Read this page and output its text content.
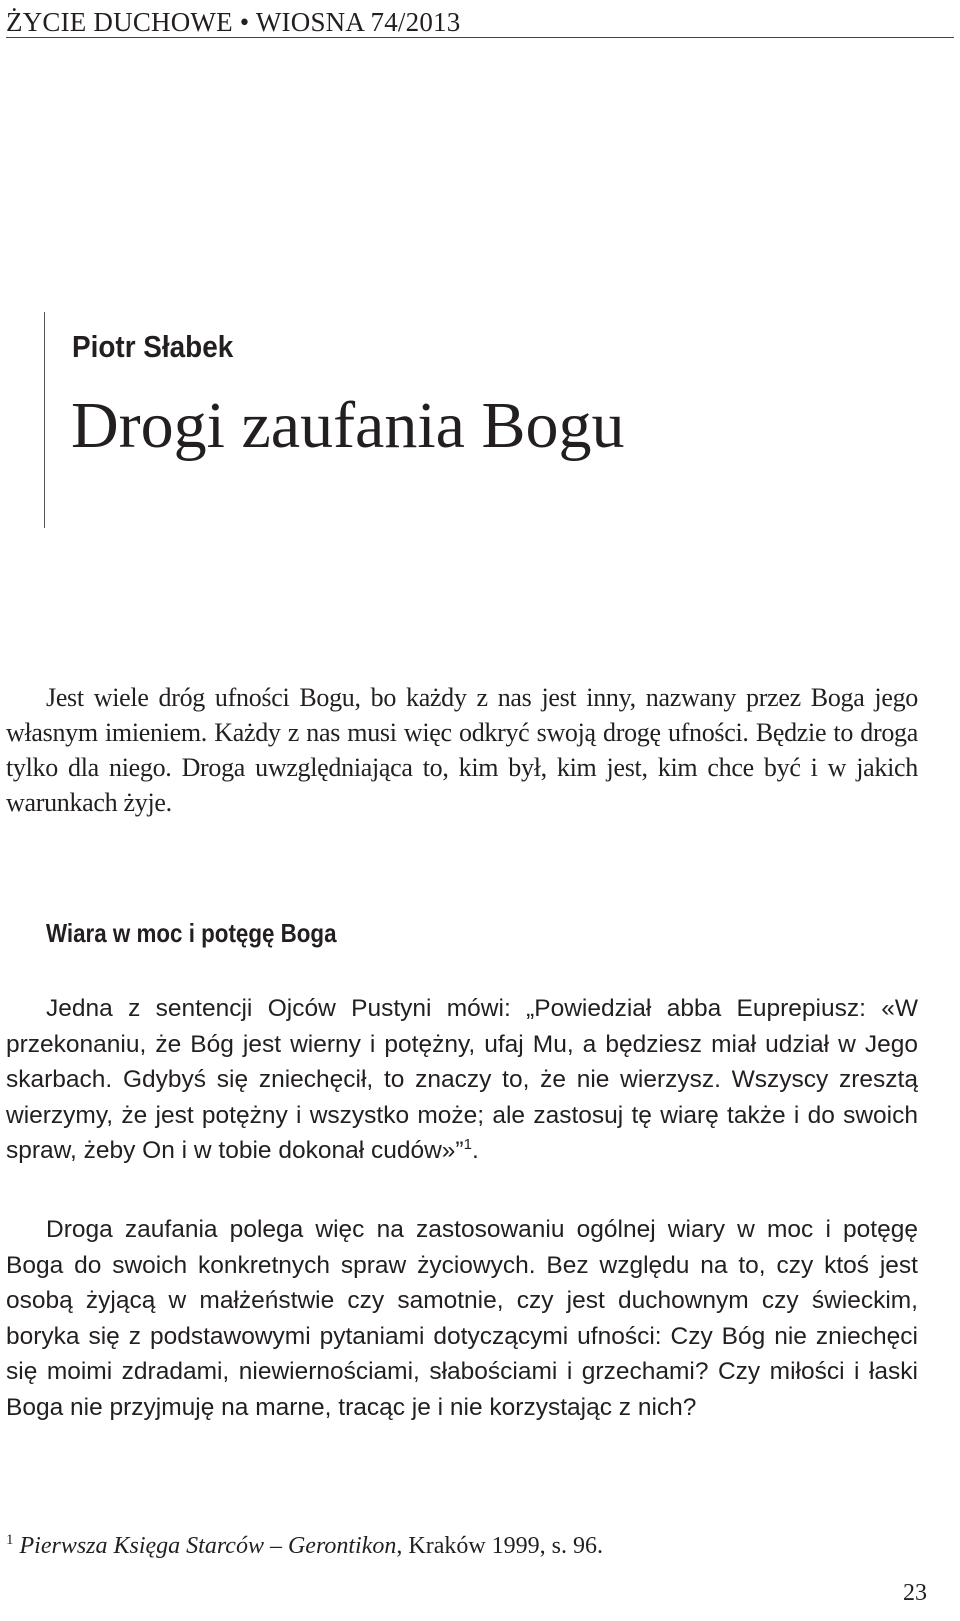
ŻYCIE DUCHOWE • WIOSNA 74/2013
Piotr Słabek
Drogi zaufania Bogu

Jest wiele dróg ufności Bogu, bo każdy z nas jest inny, nazwany przez Boga jego własnym imieniem. Każdy z nas musi więc odkryć swoją drogę ufności. Będzie to droga tylko dla niego. Droga uwzględniająca to, kim był, kim jest, kim chce być i w jakich warunkach żyje.

Wiara w moc i potęgę Boga

Jedna z sentencji Ojców Pustyni mówi: „Powiedział abba Euprepiusz: «W przekonaniu, że Bóg jest wierny i potężny, ufaj Mu, a będziesz miał udział w Jego skarbach. Gdybyś się zniechęcił, to znaczy to, że nie wierzysz. Wszyscy zresztą wierzymy, że jest potężny i wszystko może; ale zastosuj tę wiarę także i do swoich spraw, żeby On i w tobie dokonał cudów»”$^1$.

Droga zaufania polega więc na zastosowaniu ogólnej wiary w moc i potęgę Boga do swoich konkretnych spraw życiowych. Bez względu na to, czy ktoś jest osobą żyjącą w małżeństwie czy samotnie, czy jest duchownym czy świeckim, boryka się z podstawowymi pytaniami dotyczącymi ufności: Czy Bóg nie zniechęci się moimi zdradami, niewiernościami, słabościami i grzechami? Czy miłości i łaski Boga nie przyjmuję na marne, tracąc je i nie korzystając z nich?

$^1$ Pierwsza Księga Starców – Gerontikon, Kraków 1999, s. 96.
23
